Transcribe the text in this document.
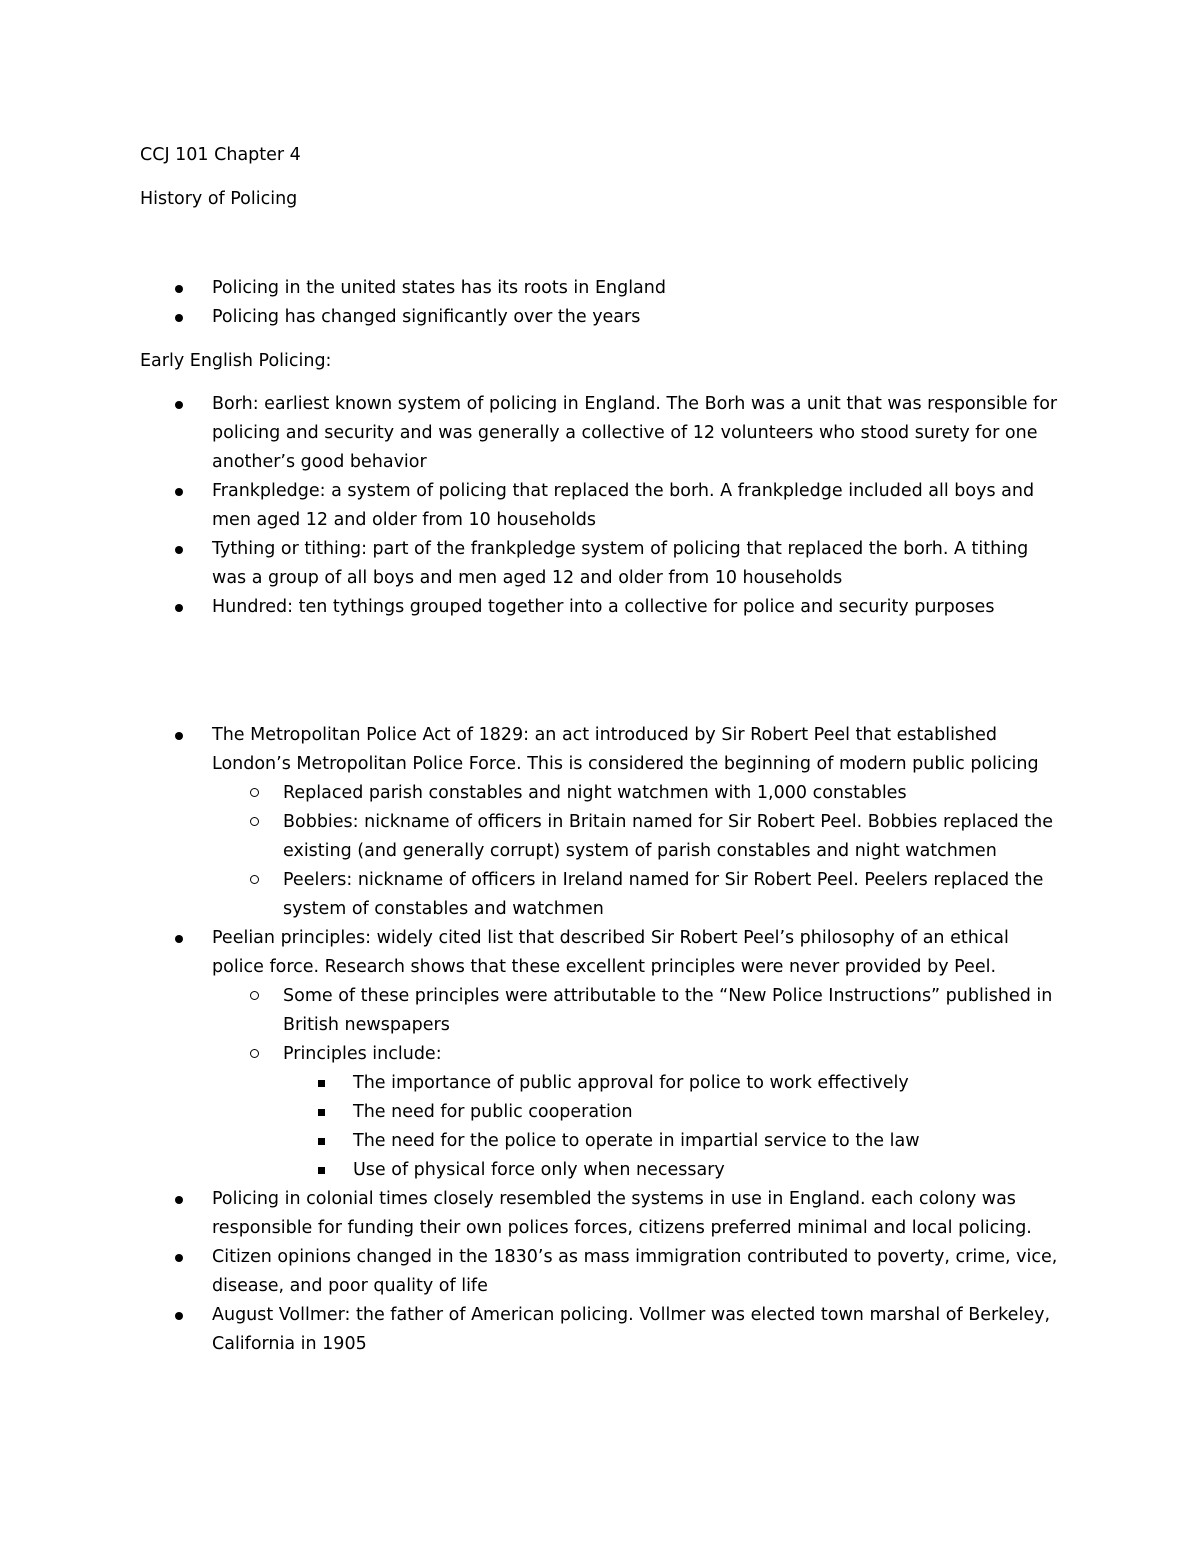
CCJ 101 Chapter 4
History of Policing
Policing in the united states has its roots in England
Policing has changed significantly over the years
Early English Policing:
Borh: earliest known system of policing in England. The Borh was a unit that was responsible for
policing and security and was generally a collective of 12 volunteers who stood surety for one
another’s good behavior
Frankpledge: a system of policing that replaced the borh. A frankpledge included all boys and
men aged 12 and older from 10 households
Tything or tithing: part of the frankpledge system of policing that replaced the borh. A tithing
was a group of all boys and men aged 12 and older from 10 households
Hundred: ten tythings grouped together into a collective for police and security purposes
The Metropolitan Police Act of 1829: an act introduced by Sir Robert Peel that established
London’s Metropolitan Police Force. This is considered the beginning of modern public policing
Replaced parish constables and night watchmen with 1,000 constables
Bobbies: nickname of officers in Britain named for Sir Robert Peel. Bobbies replaced the
existing (and generally corrupt) system of parish constables and night watchmen
Peelers: nickname of officers in Ireland named for Sir Robert Peel. Peelers replaced the
system of constables and watchmen
Peelian principles: widely cited list that described Sir Robert Peel’s philosophy of an ethical
police force. Research shows that these excellent principles were never provided by Peel.
Some of these principles were attributable to the “New Police Instructions” published in
British newspapers
Principles include:
The importance of public approval for police to work effectively
The need for public cooperation
The need for the police to operate in impartial service to the law
Use of physical force only when necessary
Policing in colonial times closely resembled the systems in use in England. each colony was
responsible for funding their own polices forces, citizens preferred minimal and local policing.
Citizen opinions changed in the 1830’s as mass immigration contributed to poverty, crime, vice,
disease, and poor quality of life
August Vollmer: the father of American policing. Vollmer was elected town marshal of Berkeley,
California in 1905
